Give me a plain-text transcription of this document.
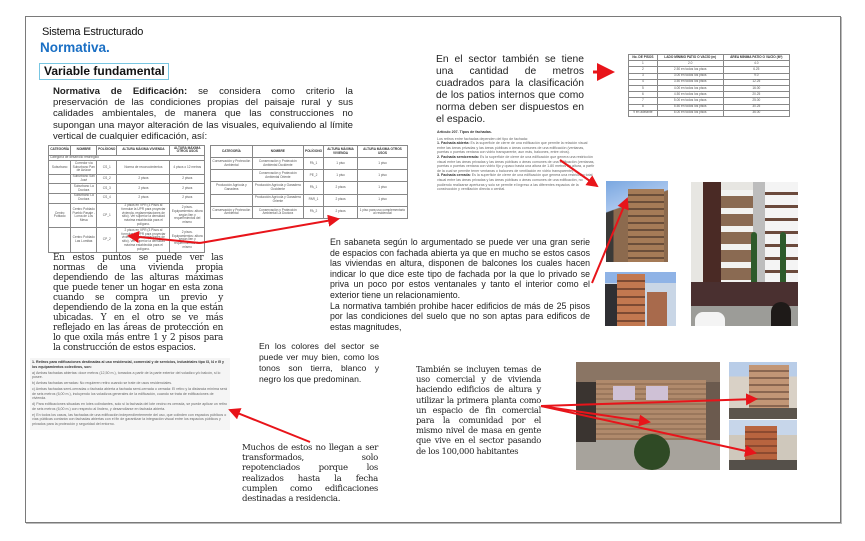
Sistema Estructurado
Normativa.
Variable fundamental
Normativa de Edificación: se considera como criterio la preservación de las condiciones propias del paisaje rural y sus calidades ambientales, de manera que las construcciones no supongan una mayor alteración de las visuales, equivaliendo al límite vertical de cualquier edificación, así:
CATEGORÍA	NOMBRE	POLÍGONO	ALTURA MÁXIMA VIVIENDA	ALTURA MÁXIMA OTROS USOS
Categoría de desarrollo restringido				
Suburbano	Corredor vía Suburbano Pan de Azúcar	CS_1	Norma de reconocimientos	4 pisos o 12 metros
	Suburbano San José	CS_2	2 pisos	2 pisos
	Suburbano La Doctora	CS_3	2 pisos	2 pisos
	Suburbano La Doctora	CS_4	2 pisos	2 pisos
Centro Poblado	Centro Poblado Pueblo Pasaje - Loma de Los Mesa	CP_1	2 pisos en VPR (3 Pisos al formular la UPR para proyectar vivienda, reglamentaciones de sitio). Ver superior la densidad máxima establecida para el polígono.	2 pisos. Equipamientos: altura según lien y requerimientos del mismo
	Centro Poblado Las Lomitas	CP_2	2 pisos en VPR (3 Pisos al formular la UPR para proyectar vivienda, reglamentaciones de sitio). Ver superior la densidad máxima establecida para el polígono.	2 pisos. Equipamientos: altura según lien y requerimientos del mismo
CATEGORÍA	NOMBRE	POLÍGONO	ALTURA MÁXIMA VIVIENDA	ALTURA MÁXIMA OTROS USOS
Conservación y Protección Ambiental	Conservación y Protección Ambiental Occidente	PA_1	1 piso	1 piso
	Conservación y Protección Ambiental Oriente	PE_2	1 piso	1 piso
Producción Agrícola y Ganadera	Producción Agrícola y Ganadera Occidente	PA_1	2 pisos	1 piso
	Producción Agrícola y Ganadera Oriente	PAR_1	2 pisos	1 piso
Conservación y Protección Ambiental	Conservación y Protección Ambiental La Doctora	PA_2	2 pisos	1 piso para uso complementario al residencial
En estos puntos se puede ver las normas de una vivienda propia dependiendo de las alturas máximas que puede tener un hogar en esta zona cuando se compra un previo y dependiendo de la zona en la que están ubicadas. Y en el otro se ve más reflejado en las áreas de protección en lo que oxila más entre 1 y 2 pisos para la construcción de estos espacios.

1. Retiros para edificaciones destinadas al uso residencial, comercial y de servicios, industriales tipo I3, I4 e I5 y los equipamientos colectivos, son:

a) Ambas fachadas abiertas: doce metros (12,50 m.), tomados a partir de la parte exterior del voladizo y/o balcón, si lo posee.

b) Ambas fachadas cerradas: No requieren retiro cuando se trate de usos residenciales.

c) Ambas fachadas semi-cerradas o fachada abierta a fachada semi-cerrada o cerrada: El retiro y la distancia mínima será de seis metros (6,00 m.), incluyendo los voladizos generales de la edificación, cuando se trata de edificaciones de vivienda.

d) Para edificaciones situadas en lotes colindantes, solo si la fachada del lote vecino es cerrada, se puede aplicar un retiro de seis metros (6,00 m.) con respecto al lindero, y desarrollarse en fachada abierta.

e) En todos los casos, las fachadas de una edificación independientemente del uso, que colinden con espacios públicos o vías públicas contarán con fachadas abiertas con el fin de garantizar la integración visual entre los espacios públicos y privados para la protección y seguridad del entorno.

En los colores del sector se puede ver muy bien, como los tonos son tierra, blanco y negro los que predominan.
Muchos de estos no llegan a ser transformados, solo repotenciados porque los realizados hasta la fecha cumplen como edificaciones destinadas a residencia.
En el sector también se tiene una cantidad de metros cuadrados para la clasificación de los patios internos que como norma deben ser dispuestos en el espacio.
No. DE PISOS	LADO MÍNIMO PATIO O VACÍO (m)	ÁREA MÍNIMA PATIO O VACÍO (M²)
1	2.0	4.0
2	2.50 en todos los pisos	6.25
3	3.00 en todos los pisos	9.0
4	3.50 en todos los pisos	12.25
5	4.00 en todos los pisos	16.00
6	4.50 en todos los pisos	20.25
7	5.00 en todos los pisos	25.00
8	5.50 en todos los pisos	30.25
9 en adelante	6.00 en todos los pisos	36.00
Artículo 207. Tipos de fachadas.
Los retiros entre fachadas dependen del tipo de fachada:
1. Fachada abierta: Es la superficie de cierre de una edificación que permite la relación visual entre las áreas privadas y las áreas públicas o áreas comunes de una edificación (ventanas, puertas o puertas ventana con vidrio transparente, aun más, balcones, entre otros).
2. Fachada semicerrada: Es la superficie de cierre de una edificación que genera una restricción visual entre las áreas privadas y las áreas públicas o áreas comunes de una edificación (ventanas, puertas o puertas ventana con vidrio fijo y opaco hasta una altura de 1.80 metros de altura, a partir de la cual se permite tener ventanas o balcones de ventilación en vidrio transparente).
3. Fachada cerrada: Es la superficie de cierre de una edificación que genera una restricción total visual entre las áreas privadas y las áreas públicas o áreas comunes de una edificación, no pudiendo realizarse aperturas y solo se permite el ingreso a las diferentes espacios de la construcción y ventilación directa o cenital.
En sabaneta según lo argumentado se puede ver una gran serie de espacios con fachada abierta ya que en mucho se estos casos las viviendas en altura, disponen de balcones los cuales hacen indicar lo que dice este tipo de fachada por la que lo privado se priva un poco por estos ventanales y tanto el interior como el exterior tiene un relacionamiento.
La normativa también prohibe hacer edificios de más de 25 pisos por las condiciones del suelo que no son aptas para edificos de estas magnitudes,
También se incluyen temas de uso comercial y de vivienda haciendo edificios de altura y utilizar la primera planta como un espacio de fin comercial para la comunidad por el mismo nivel de masa en gente que vive en el sector pasando de los 100,000 habitantes
